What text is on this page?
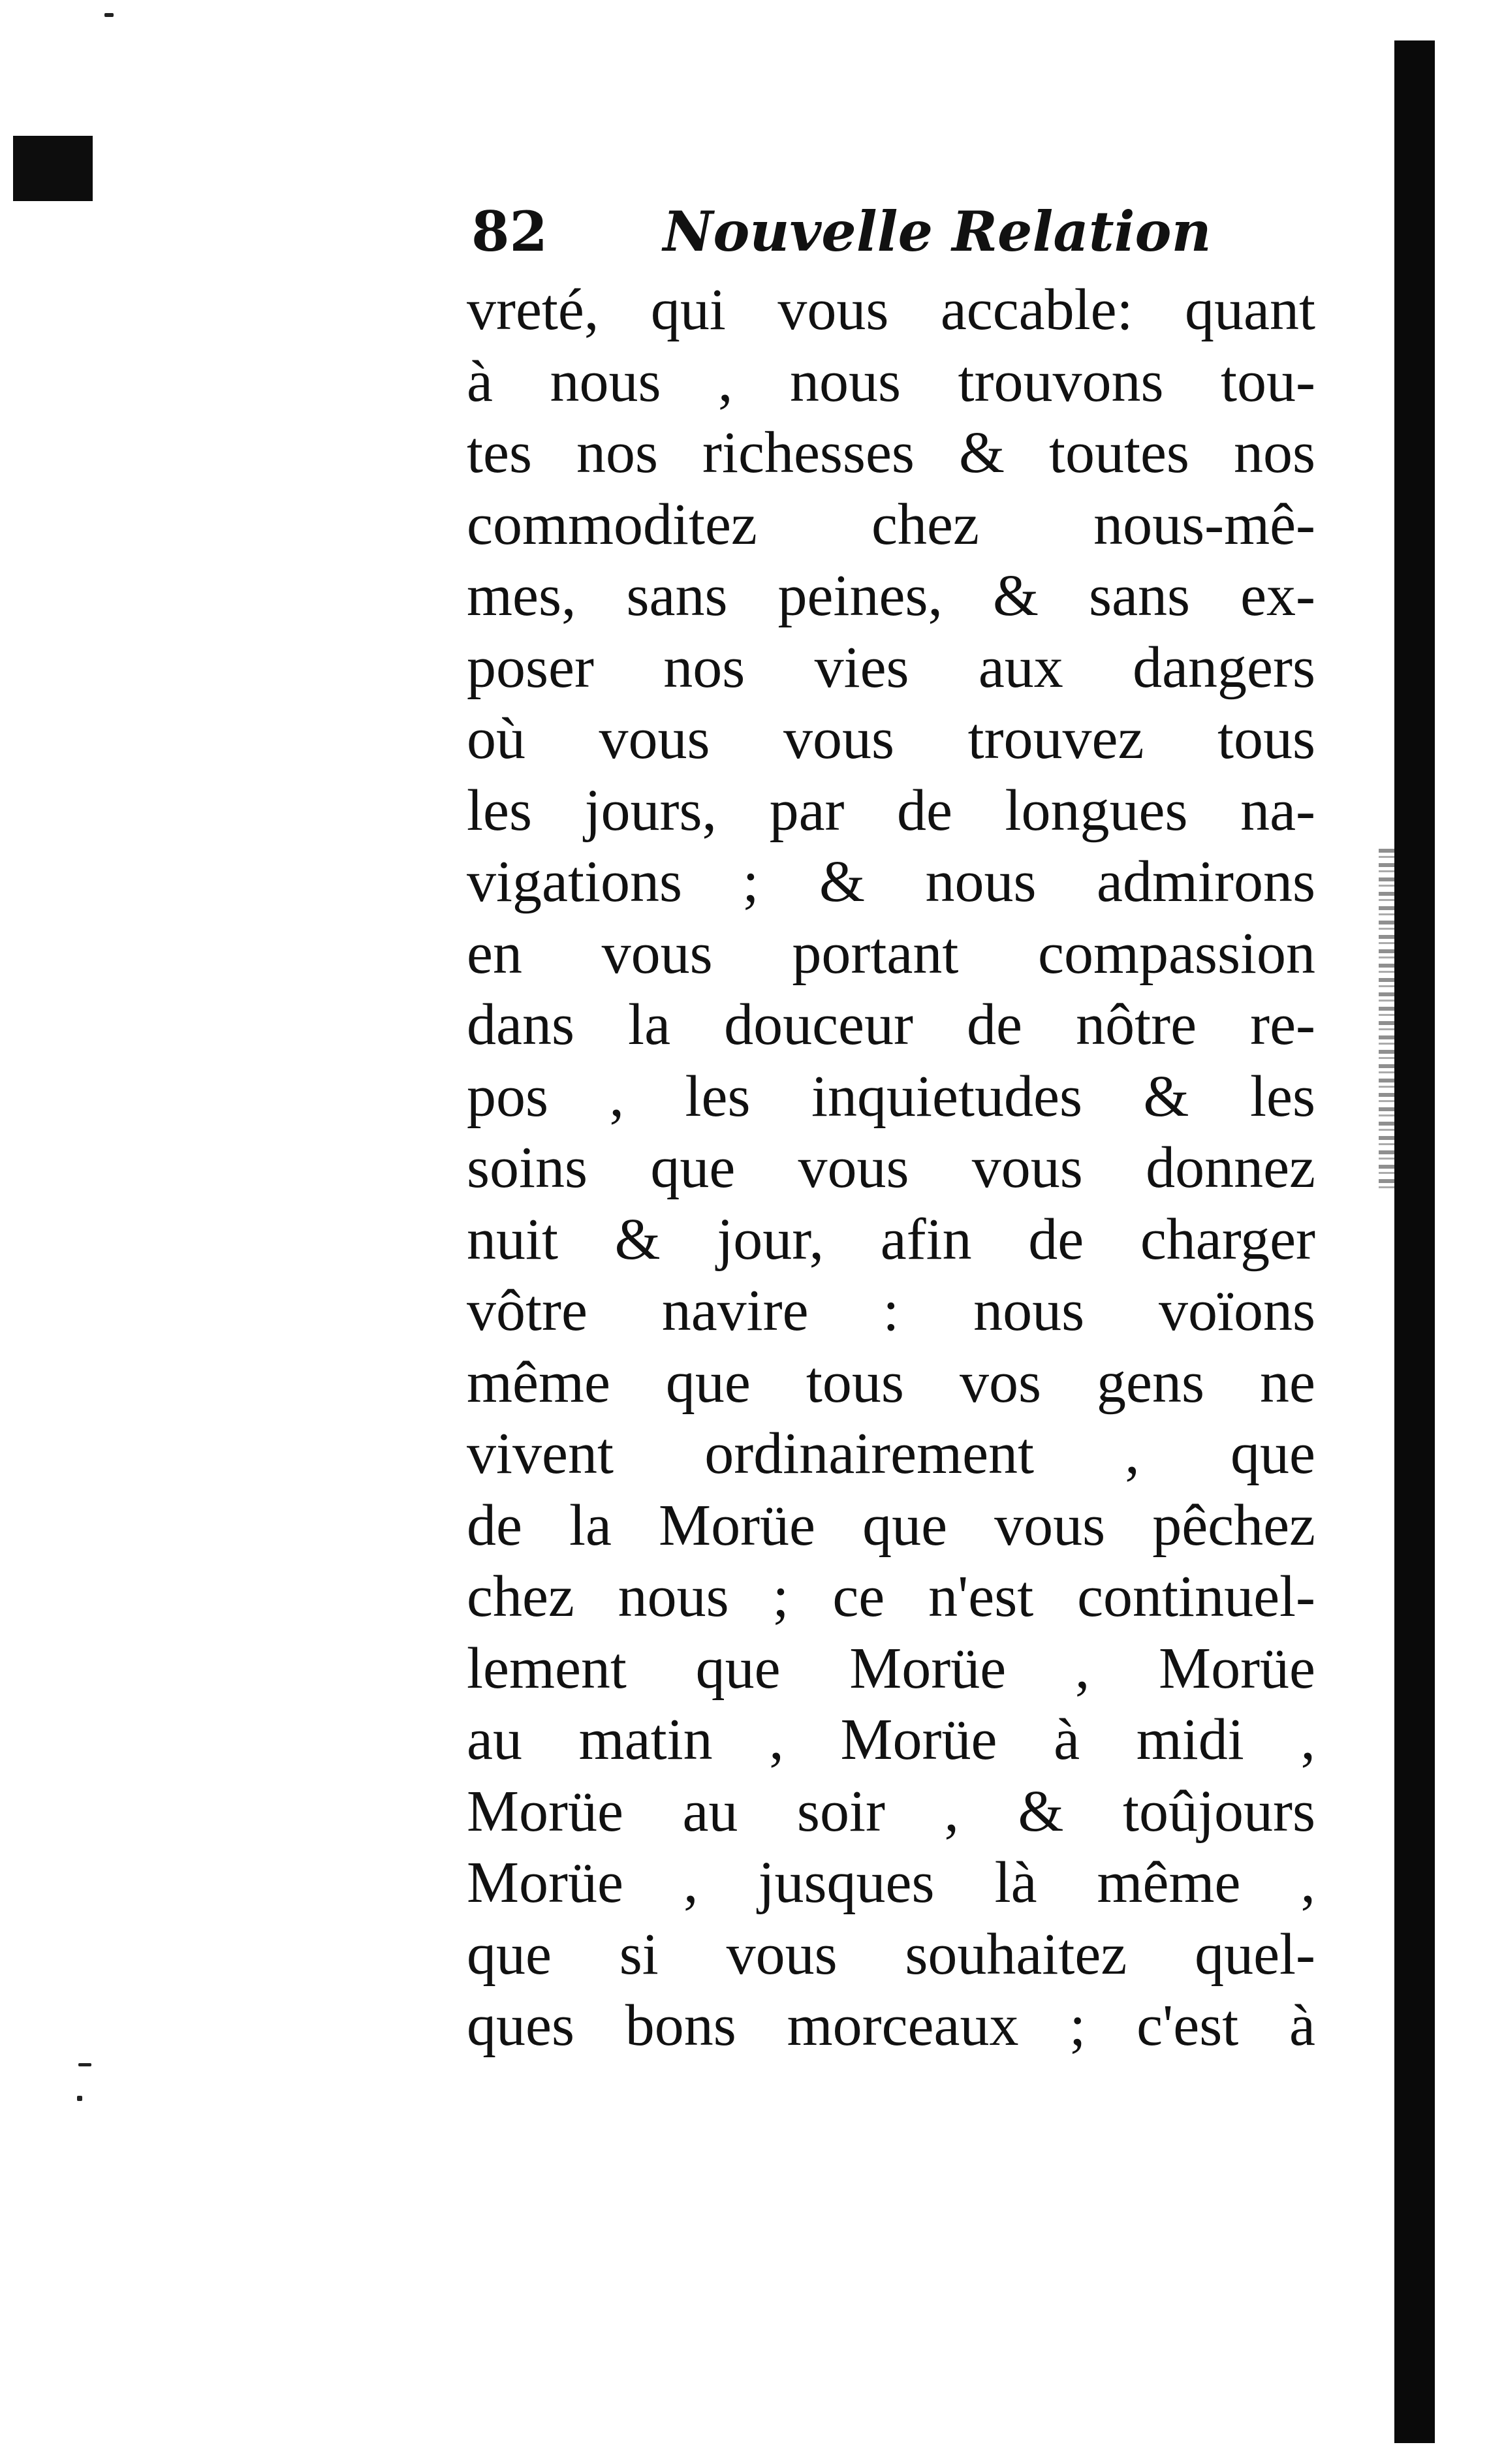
82 Nouvelle Relation
vreté, qui vous accable: quant
à nous , nous trouvons tou-
tes nos richesses & toutes nos
commoditez chez nous-mê-
mes, sans peines, & sans ex-
poser nos vies aux dangers
où vous vous trouvez tous
les jours, par de longues na-
vigations ; & nous admirons
en vous portant compassion
dans la douceur de nôtre re-
pos , les inquietudes & les
soins que vous vous donnez
nuit & jour, afin de charger
vôtre navire : nous voïons
même que tous vos gens ne
vivent ordinairement , que
de la Morüe que vous pêchez
chez nous ; ce n'est continuel-
lement que Morüe , Morüe
au matin , Morüe à midi ,
Morüe au soir , & toûjours
Morüe , jusques là même ,
que si vous souhaitez quel-
ques bons morceaux ; c'est à
